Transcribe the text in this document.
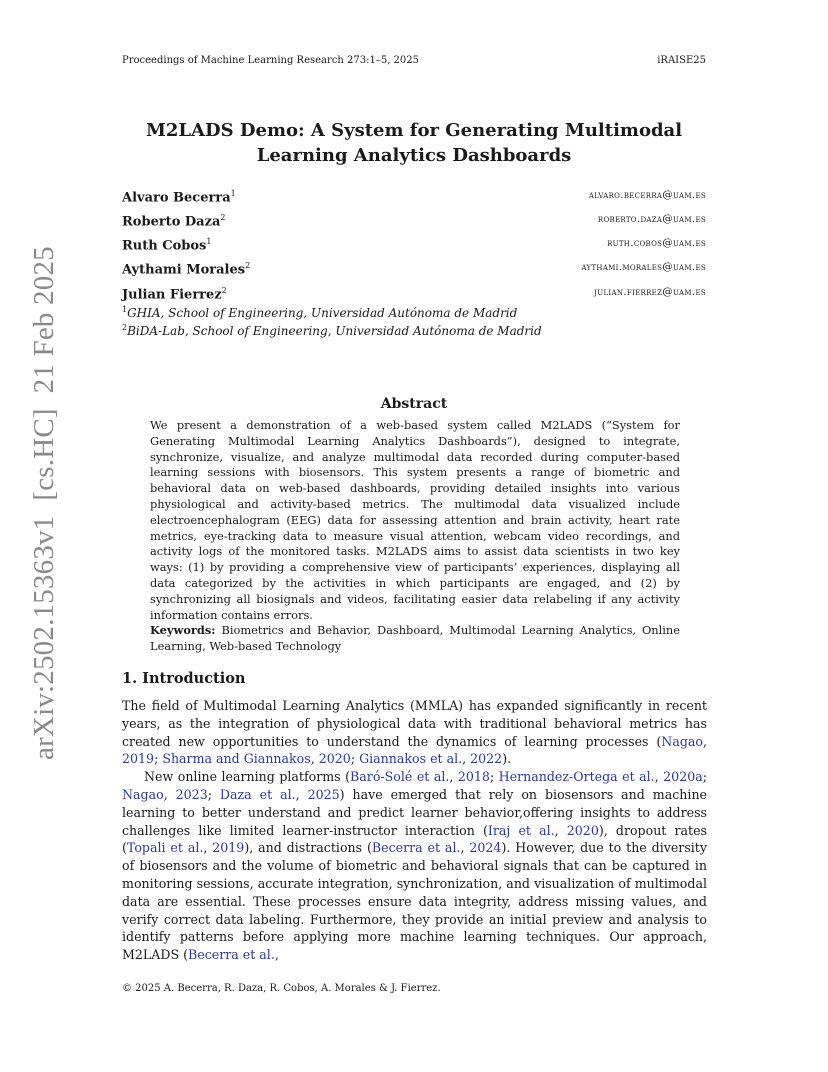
Proceedings of Machine Learning Research 273:1–5, 2025	iRAISE25
M2LADS Demo: A System for Generating Multimodal
Learning Analytics Dashboards
Alvaro Becerra$^1$	alvaro.becerra@uam.es
Roberto Daza$^2$	roberto.daza@uam.es
Ruth Cobos$^1$	ruth.cobos@uam.es
Aythami Morales$^2$	aythami.morales@uam.es
Julian Fierrez$^2$	julian.fierrez@uam.es
$^1$GHIA, School of Engineering, Universidad Autónoma de Madrid
$^2$BiDA-Lab, School of Engineering, Universidad Autónoma de Madrid
arXiv:2502.15363v1  [cs.HC]  21 Feb 2025	Abstract
We present a demonstration of a web-based system called M2LADS (“System for Generating Multimodal Learning Analytics Dashboards”), designed to integrate, synchronize, visualize, and analyze multimodal data recorded during computer-based learning sessions with biosensors. This system presents a range of biometric and behavioral data on web-based dashboards, providing detailed insights into various physiological and activity-based metrics. The multimodal data visualized include electroencephalogram (EEG) data for assessing attention and brain activity, heart rate metrics, eye-tracking data to measure visual attention, webcam video recordings, and activity logs of the monitored tasks. M2LADS aims to assist data scientists in two key ways: (1) by providing a comprehensive view of participants’ experiences, displaying all data categorized by the activities in which participants are engaged, and (2) by synchronizing all biosignals and videos, facilitating easier data relabeling if any activity information contains errors.
Keywords: Biometrics and Behavior, Dashboard, Multimodal Learning Analytics, Online Learning, Web-based Technology
1. Introduction

The field of Multimodal Learning Analytics (MMLA) has expanded significantly in recent years, as the integration of physiological data with traditional behavioral metrics has created new opportunities to understand the dynamics of learning processes (Nagao, 2019; Sharma and Giannakos, 2020; Giannakos et al., 2022).

New online learning platforms (Baró-Solé et al., 2018; Hernandez-Ortega et al., 2020a; Nagao, 2023; Daza et al., 2025) have emerged that rely on biosensors and machine learning to better understand and predict learner behavior,offering insights to address challenges like limited learner-instructor interaction (Iraj et al., 2020), dropout rates (Topali et al., 2019), and distractions (Becerra et al., 2024). However, due to the diversity of biosensors and the volume of biometric and behavioral signals that can be captured in monitoring sessions, accurate integration, synchronization, and visualization of multimodal data are essential. These processes ensure data integrity, address missing values, and verify correct data labeling. Furthermore, they provide an initial preview and analysis to identify patterns before applying more machine learning techniques. Our approach, M2LADS (Becerra et al.,

© 2025 A. Becerra, R. Daza, R. Cobos, A. Morales & J. Fierrez.
